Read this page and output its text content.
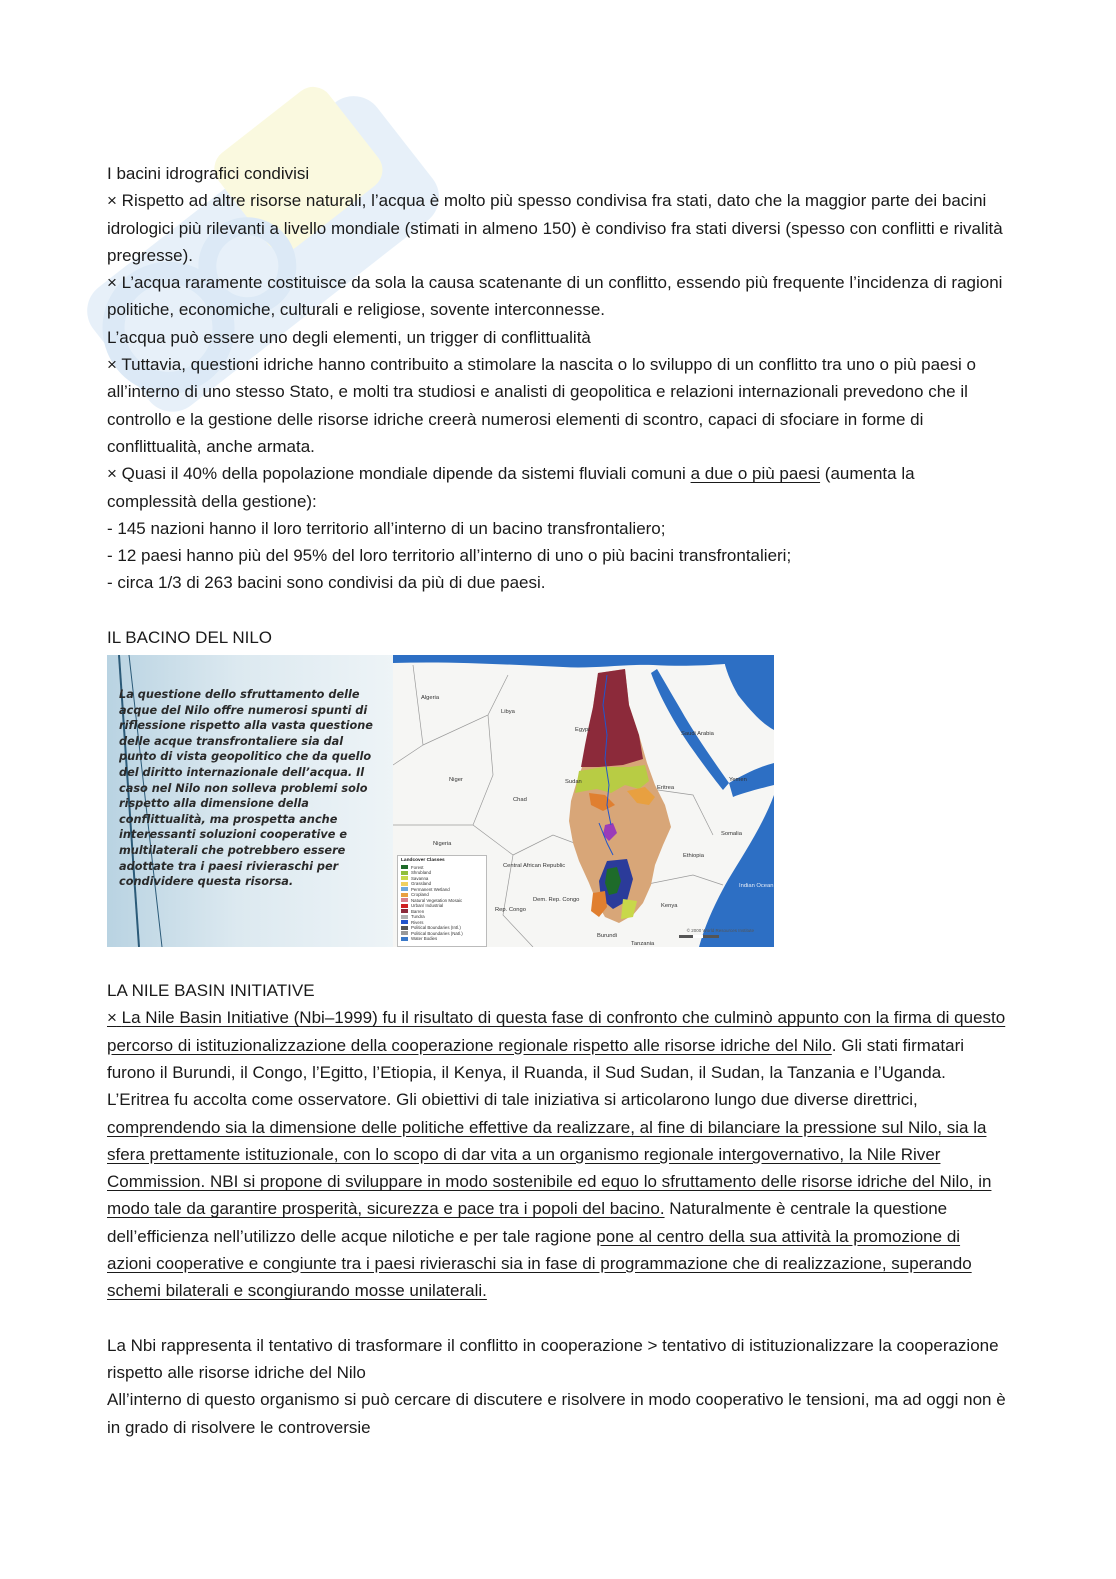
I bacini idrografici condivisi

× Rispetto ad altre risorse naturali, l’acqua è molto più spesso condivisa fra stati, dato che la maggior parte dei bacini idrologici più rilevanti a livello mondiale (stimati in almeno 150) è condiviso fra stati diversi (spesso con conflitti e rivalità pregresse).

× L’acqua raramente costituisce da sola la causa scatenante di un conflitto, essendo più frequente l’incidenza di ragioni politiche, economiche, culturali e religiose, sovente interconnesse.

L’acqua può essere uno degli elementi, un trigger di conflittualità

× Tuttavia, questioni idriche hanno contribuito a stimolare la nascita o lo sviluppo di un conflitto tra uno o più paesi o all’interno di uno stesso Stato, e molti tra studiosi e analisti di geopolitica e relazioni internazionali prevedono che il controllo e la gestione delle risorse idriche creerà numerosi elementi di scontro, capaci di sfociare in forme di conflittualità, anche armata.

× Quasi il 40% della popolazione mondiale dipende da sistemi fluviali comuni a due o più paesi (aumenta la complessità della gestione):

- 145 nazioni hanno il loro territorio all’interno di un bacino transfrontaliero;

- 12 paesi hanno più del 95% del loro territorio all’interno di uno o più bacini transfrontalieri;

- circa 1/3 di 263 bacini sono condivisi da più di due paesi.

IL BACINO DEL NILO

La questione dello sfruttamento delle acque del Nilo offre numerosi spunti di riflessione rispetto alla vasta questione delle acque transfrontaliere sia dal punto di vista geopolitico che da quello del diritto internazionale dell’acqua. Il caso nel Nilo non solleva problemi solo rispetto alla dimensione della conflittualità, ma prospetta anche interessanti soluzioni cooperative e multilaterali che potrebbero essere adottate tra i paesi rivieraschi per condividere questa risorsa.
Algeria
Libya
Egypt
Saudi Arabia
Niger
Chad
Sudan
Eritrea
Yemen
Somalia
Nigeria
Ethiopia
Central African Republic
Dem. Rep. Congo
Rep. Congo
Kenya
Burundi
Tanzania
Indian Ocean
Landcover Classes
Forest
Shrubland
Savanna
Grassland
Permanent Wetland
Cropland
Natural Vegetation Mosaic
Urban/ Industrial
Barren
Tundra
Rivers
Political Boundaries (Intl.)
Political Boundaries (Natl.)
Water Bodies
© 2000 World Resources Institute

LA NILE BASIN INITIATIVE

× La Nile Basin Initiative (Nbi–1999) fu il risultato di questa fase di confronto che culminò appunto con la firma di questo percorso di istituzionalizzazione della cooperazione regionale rispetto alle risorse idriche del Nilo. Gli stati firmatari furono il Burundi, il Congo, l’Egitto, l’Etiopia, il Kenya, il Ruanda, il Sud Sudan, il Sudan, la Tanzania e l’Uganda. L’Eritrea fu accolta come osservatore. Gli obiettivi di tale iniziativa si articolarono lungo due diverse direttrici, comprendendo sia la dimensione delle politiche effettive da realizzare, al fine di bilanciare la pressione sul Nilo, sia la sfera prettamente istituzionale, con lo scopo di dar vita a un organismo regionale intergovernativo, la Nile River Commission. NBI si propone di sviluppare in modo sostenibile ed equo lo sfruttamento delle risorse idriche del Nilo, in modo tale da garantire prosperità, sicurezza e pace tra i popoli del bacino. Naturalmente è centrale la questione dell’efficienza nell’utilizzo delle acque nilotiche e per tale ragione pone al centro della sua attività la promozione di azioni cooperative e congiunte tra i paesi rivieraschi sia in fase di programmazione che di realizzazione, superando schemi bilaterali e scongiurando mosse unilaterali.

La Nbi rappresenta il tentativo di trasformare il conflitto in cooperazione > tentativo di istituzionalizzare la cooperazione rispetto alle risorse idriche del Nilo

All’interno di questo organismo si può cercare di discutere e risolvere in modo cooperativo le tensioni, ma ad oggi non è in grado di risolvere le controversie
